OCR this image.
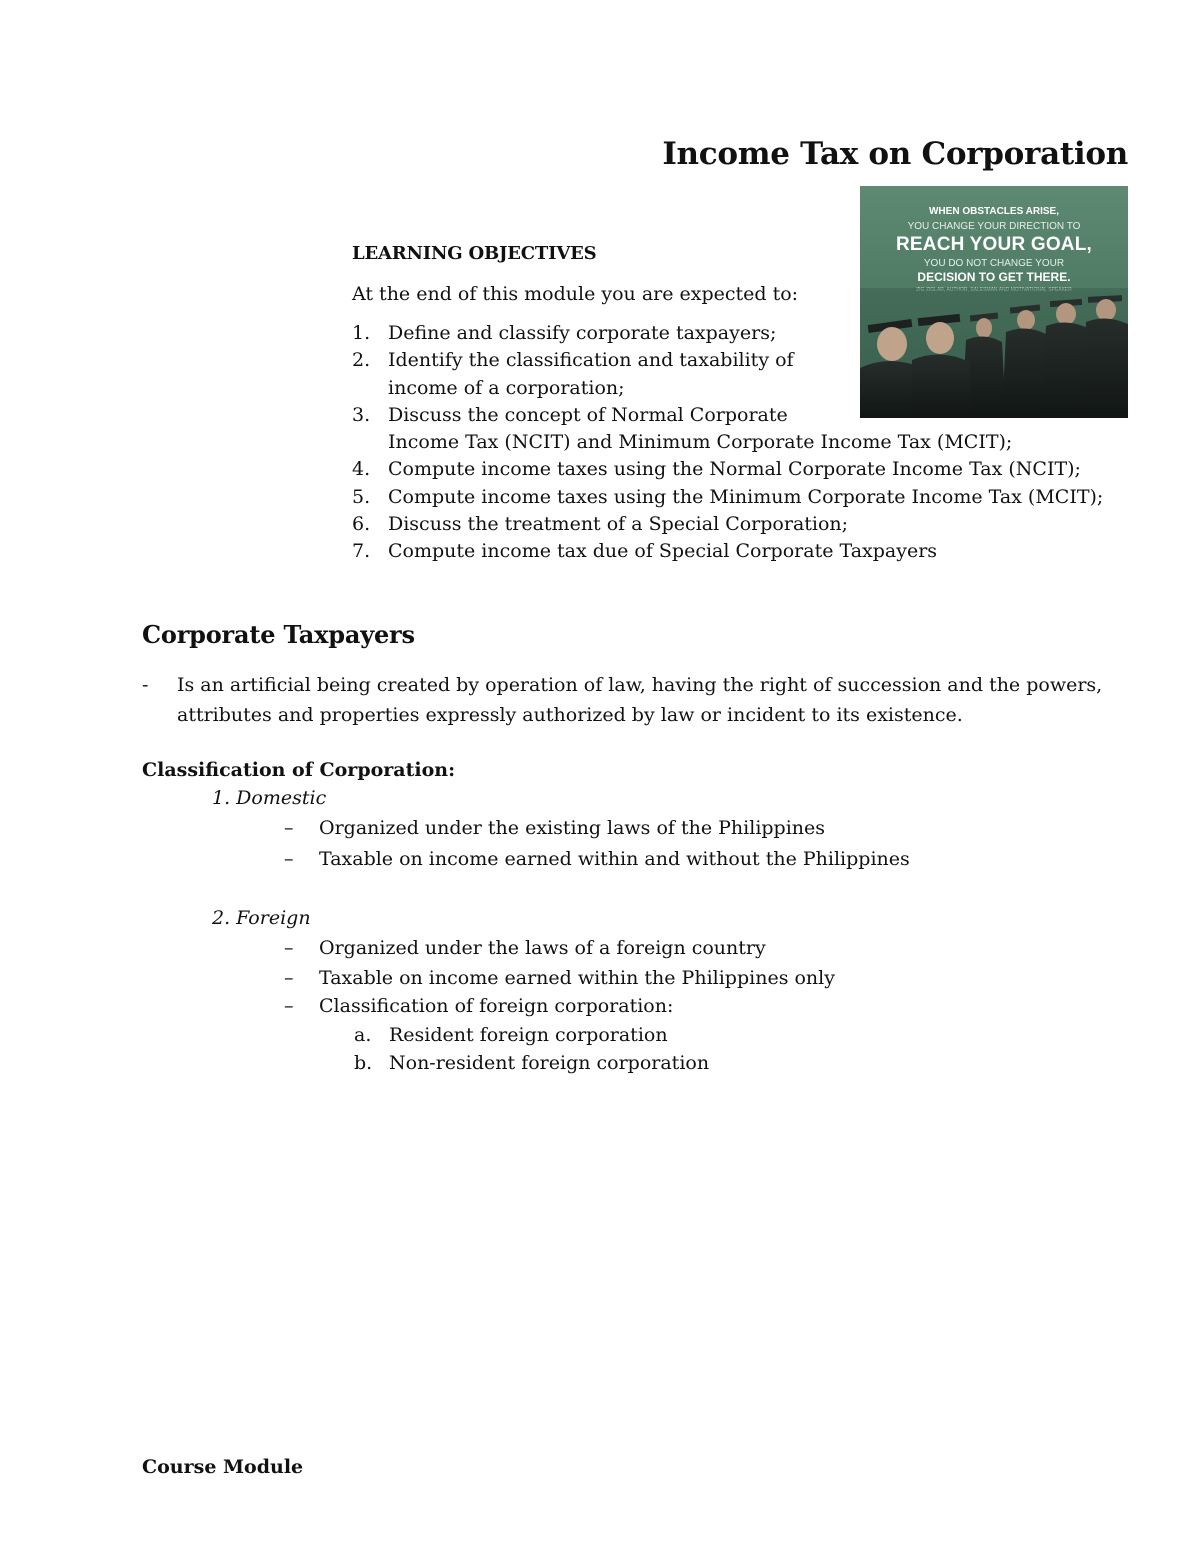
Income Tax on Corporation
WHEN OBSTACLES ARISE,
YOU CHANGE YOUR DIRECTION TO
REACH YOUR GOAL,
YOU DO NOT CHANGE YOUR
DECISION TO GET THERE.
ZIG ZIGLAR, AUTHOR, SALESMAN AND MOTIVATIONAL SPEAKER
LEARNING OBJECTIVES
At the end of this module you are expected to:
1. Define and classify corporate taxpayers;
2. Identify the classification and taxability of
income of a corporation;
3. Discuss the concept of Normal Corporate
Income Tax (NCIT) and Minimum Corporate Income Tax (MCIT);
4. Compute income taxes using the Normal Corporate Income Tax (NCIT);
5. Compute income taxes using the Minimum Corporate Income Tax (MCIT);
6. Discuss the treatment of a Special Corporation;
7. Compute income tax due of Special Corporate Taxpayers
Corporate Taxpayers
- Is an artificial being created by operation of law, having the right of succession and the powers,
attributes and properties expressly authorized by law or incident to its existence.
Classification of Corporation:
1. Domestic
– Organized under the existing laws of the Philippines
– Taxable on income earned within and without the Philippines
2. Foreign
– Organized under the laws of a foreign country
– Taxable on income earned within the Philippines only
– Classification of foreign corporation:
a. Resident foreign corporation
b. Non-resident foreign corporation
Course Module
